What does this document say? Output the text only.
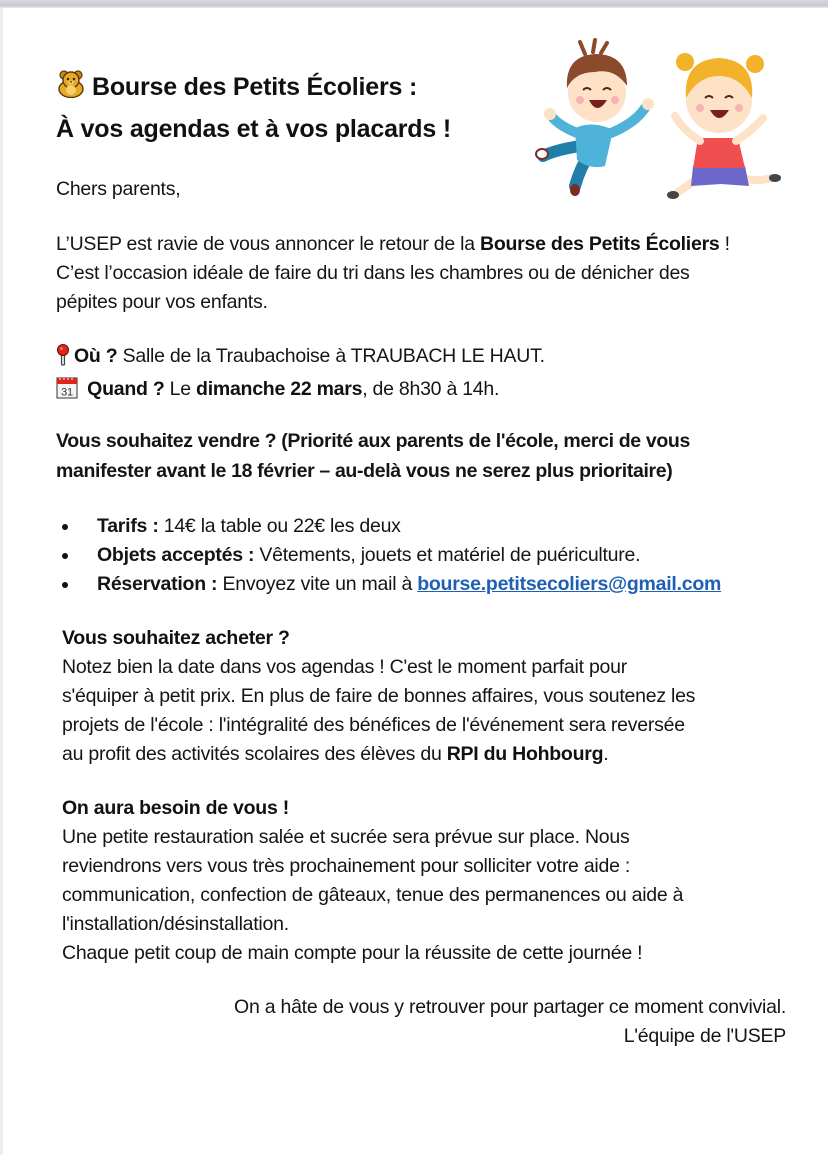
Bourse des Petits Écoliers :
À vos agendas et à vos placards !
Chers parents,
L’USEP est ravie de vous annoncer le retour de la Bourse des Petits Écoliers !
C’est l’occasion idéale de faire du tri dans les chambres ou de dénicher des
pépites pour vos enfants.
Où ? Salle de la Traubachoise à TRAUBACH LE HAUT.
31 Quand ? Le dimanche 22 mars, de 8h30 à 14h.
Vous souhaitez vendre ? (Priorité aux parents de l'école, merci de vous
manifester avant le 18 février – au-delà vous ne serez plus prioritaire)
Tarifs : 14€ la table ou 22€ les deux
Objets acceptés : Vêtements, jouets et matériel de puériculture.
Réservation : Envoyez vite un mail à bourse.petitsecoliers@gmail.com
Vous souhaitez acheter ?
Notez bien la date dans vos agendas ! C'est le moment parfait pour
s'équiper à petit prix. En plus de faire de bonnes affaires, vous soutenez les
projets de l'école : l'intégralité des bénéfices de l'événement sera reversée
au profit des activités scolaires des élèves du RPI du Hohbourg.
On aura besoin de vous !
Une petite restauration salée et sucrée sera prévue sur place. Nous
reviendrons vers vous très prochainement pour solliciter votre aide :
communication, confection de gâteaux, tenue des permanences ou aide à
l'installation/désinstallation.
Chaque petit coup de main compte pour la réussite de cette journée !
On a hâte de vous y retrouver pour partager ce moment convivial.
L'équipe de l'USEP
